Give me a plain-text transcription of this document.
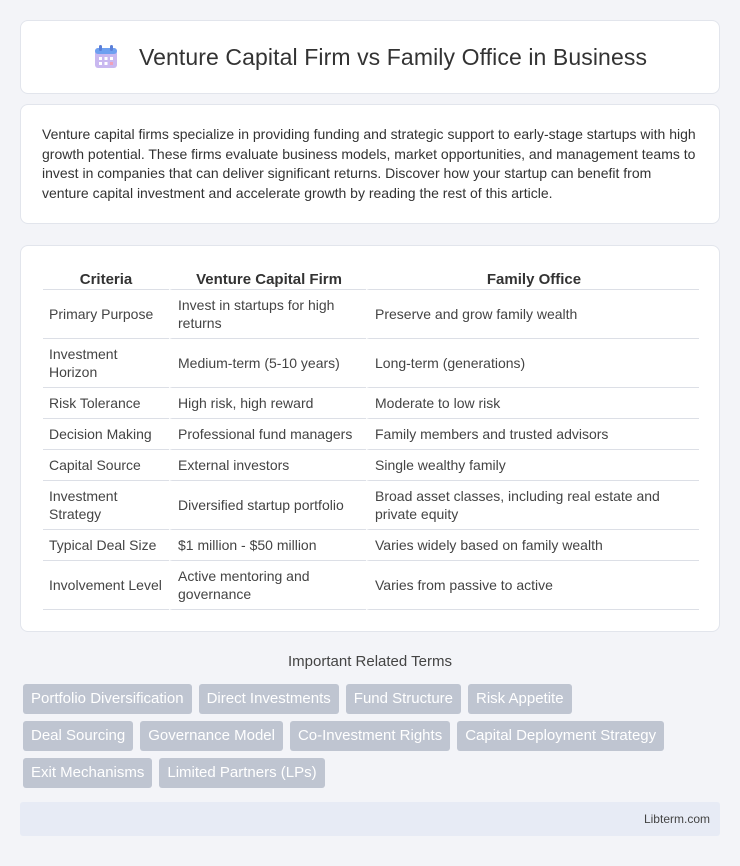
Venture Capital Firm vs Family Office in Business

Venture capital firms specialize in providing funding and strategic support to early-stage startups with high growth potential. These firms evaluate business models, market opportunities, and management teams to invest in companies that can deliver significant returns. Discover how your startup can benefit from venture capital investment and accelerate growth by reading the rest of this article.

Criteria	Venture Capital Firm	Family Office
Primary Purpose	Invest in startups for high returns	Preserve and grow family wealth
Investment Horizon	Medium-term (5-10 years)	Long-term (generations)
Risk Tolerance	High risk, high reward	Moderate to low risk
Decision Making	Professional fund managers	Family members and trusted advisors
Capital Source	External investors	Single wealthy family
Investment Strategy	Diversified startup portfolio	Broad asset classes, including real estate and private equity
Typical Deal Size	$1 million - $50 million	Varies widely based on family wealth
Involvement Level	Active mentoring and governance	Varies from passive to active
Important Related Terms
Portfolio Diversification	Direct Investments	Fund Structure	Risk Appetite
Deal Sourcing	Governance Model	Co-Investment Rights	Capital Deployment Strategy
Exit Mechanisms	Limited Partners (LPs)
Libterm.com
